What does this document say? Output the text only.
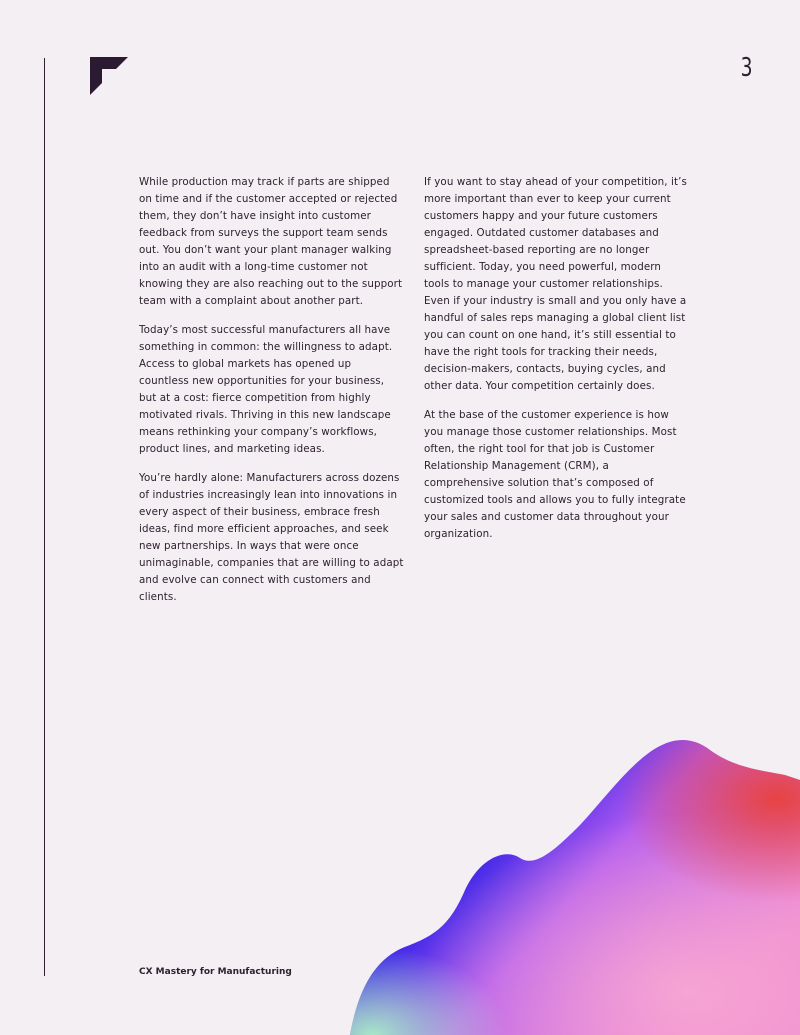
3

While production may track if parts are shipped on time and if the customer accepted or rejected them, they don’t have insight into customer feedback from surveys the support team sends out. You don’t want your plant manager walking into an audit with a long-time customer not knowing they are also reaching out to the support team with a complaint about another part.

Today’s most successful manufacturers all have something in common: the willingness to adapt. Access to global markets has opened up countless new opportunities for your business, but at a cost: fierce competition from highly motivated rivals. Thriving in this new landscape means rethinking your company’s workflows, product lines, and marketing ideas.

You’re hardly alone: Manufacturers across dozens of industries increasingly lean into innovations in every aspect of their business, embrace fresh ideas, find more efficient approaches, and seek new partnerships. In ways that were once unimaginable, companies that are willing to adapt and evolve can connect with customers and clients.

If you want to stay ahead of your competition, it’s more important than ever to keep your current customers happy and your future customers engaged. Outdated customer databases and spreadsheet-based reporting are no longer sufficient. Today, you need powerful, modern tools to manage your customer relationships. Even if your industry is small and you only have a handful of sales reps managing a global client list you can count on one hand, it’s still essential to have the right tools for tracking their needs, decision-makers, contacts, buying cycles, and other data. Your competition certainly does.

At the base of the customer experience is how you manage those customer relationships. Most often, the right tool for that job is Customer Relationship Management (CRM), a comprehensive solution that’s composed of customized tools and allows you to fully integrate your sales and customer data throughout your organization.

CX Mastery for Manufacturing
